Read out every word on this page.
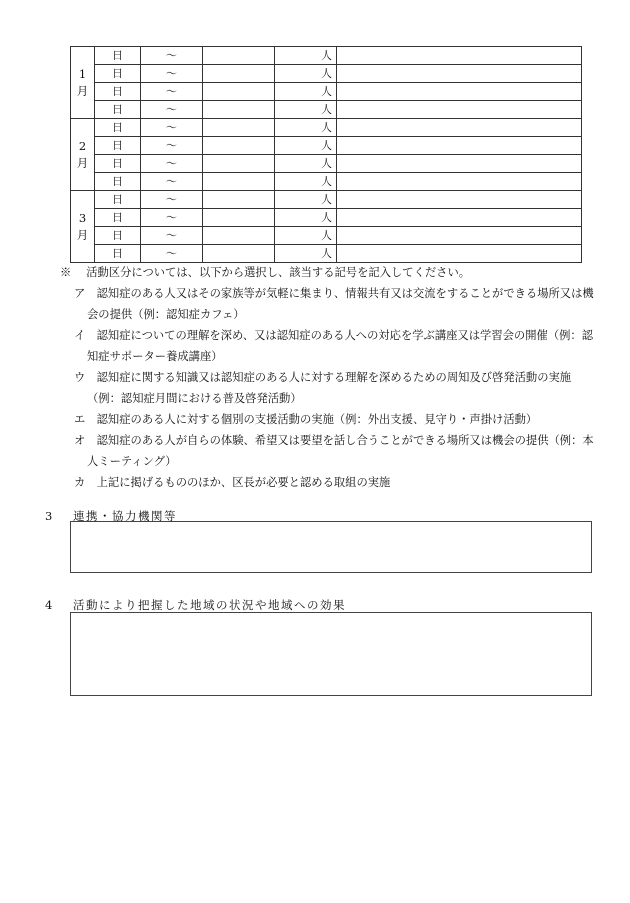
1
月	日	～		人	
	日	～		人	
	日	～		人	
	日	～		人	

2
月	日	～		人	
	日	～		人	
	日	～		人	
	日	～		人	

3
月	日	～		人	
	日	～		人	
	日	～		人	
	日	～		人	
※　 活動区分については、以下から選択し、該当する記号を記入してください。
ア　 認知症のある人又はその家族等が気軽に集まり、情報共有又は交流をすることができる場所又は機会の提供（例：認知症カフェ）
イ　 認知症についての理解を深め、又は認知症のある人への対応を学ぶ講座又は学習会の開催（例：認知症サポーター養成講座）
ウ　 認知症に関する知識又は認知症のある人に対する理解を深めるための周知及び啓発活動の実施（例：認知症月間における普及啓発活動）
エ　 認知症のある人に対する個別の支援活動の実施（例：外出支援、見守り・声掛け活動）
オ　 認知症のある人が自らの体験、希望又は要望を話し合うことができる場所又は機会の提供（例：本人ミーティング）
カ　 上記に掲げるもののほか、区長が必要と認める取組の実施
3 連携・協力機関等
4 活動により把握した地域の状況や地域への効果
